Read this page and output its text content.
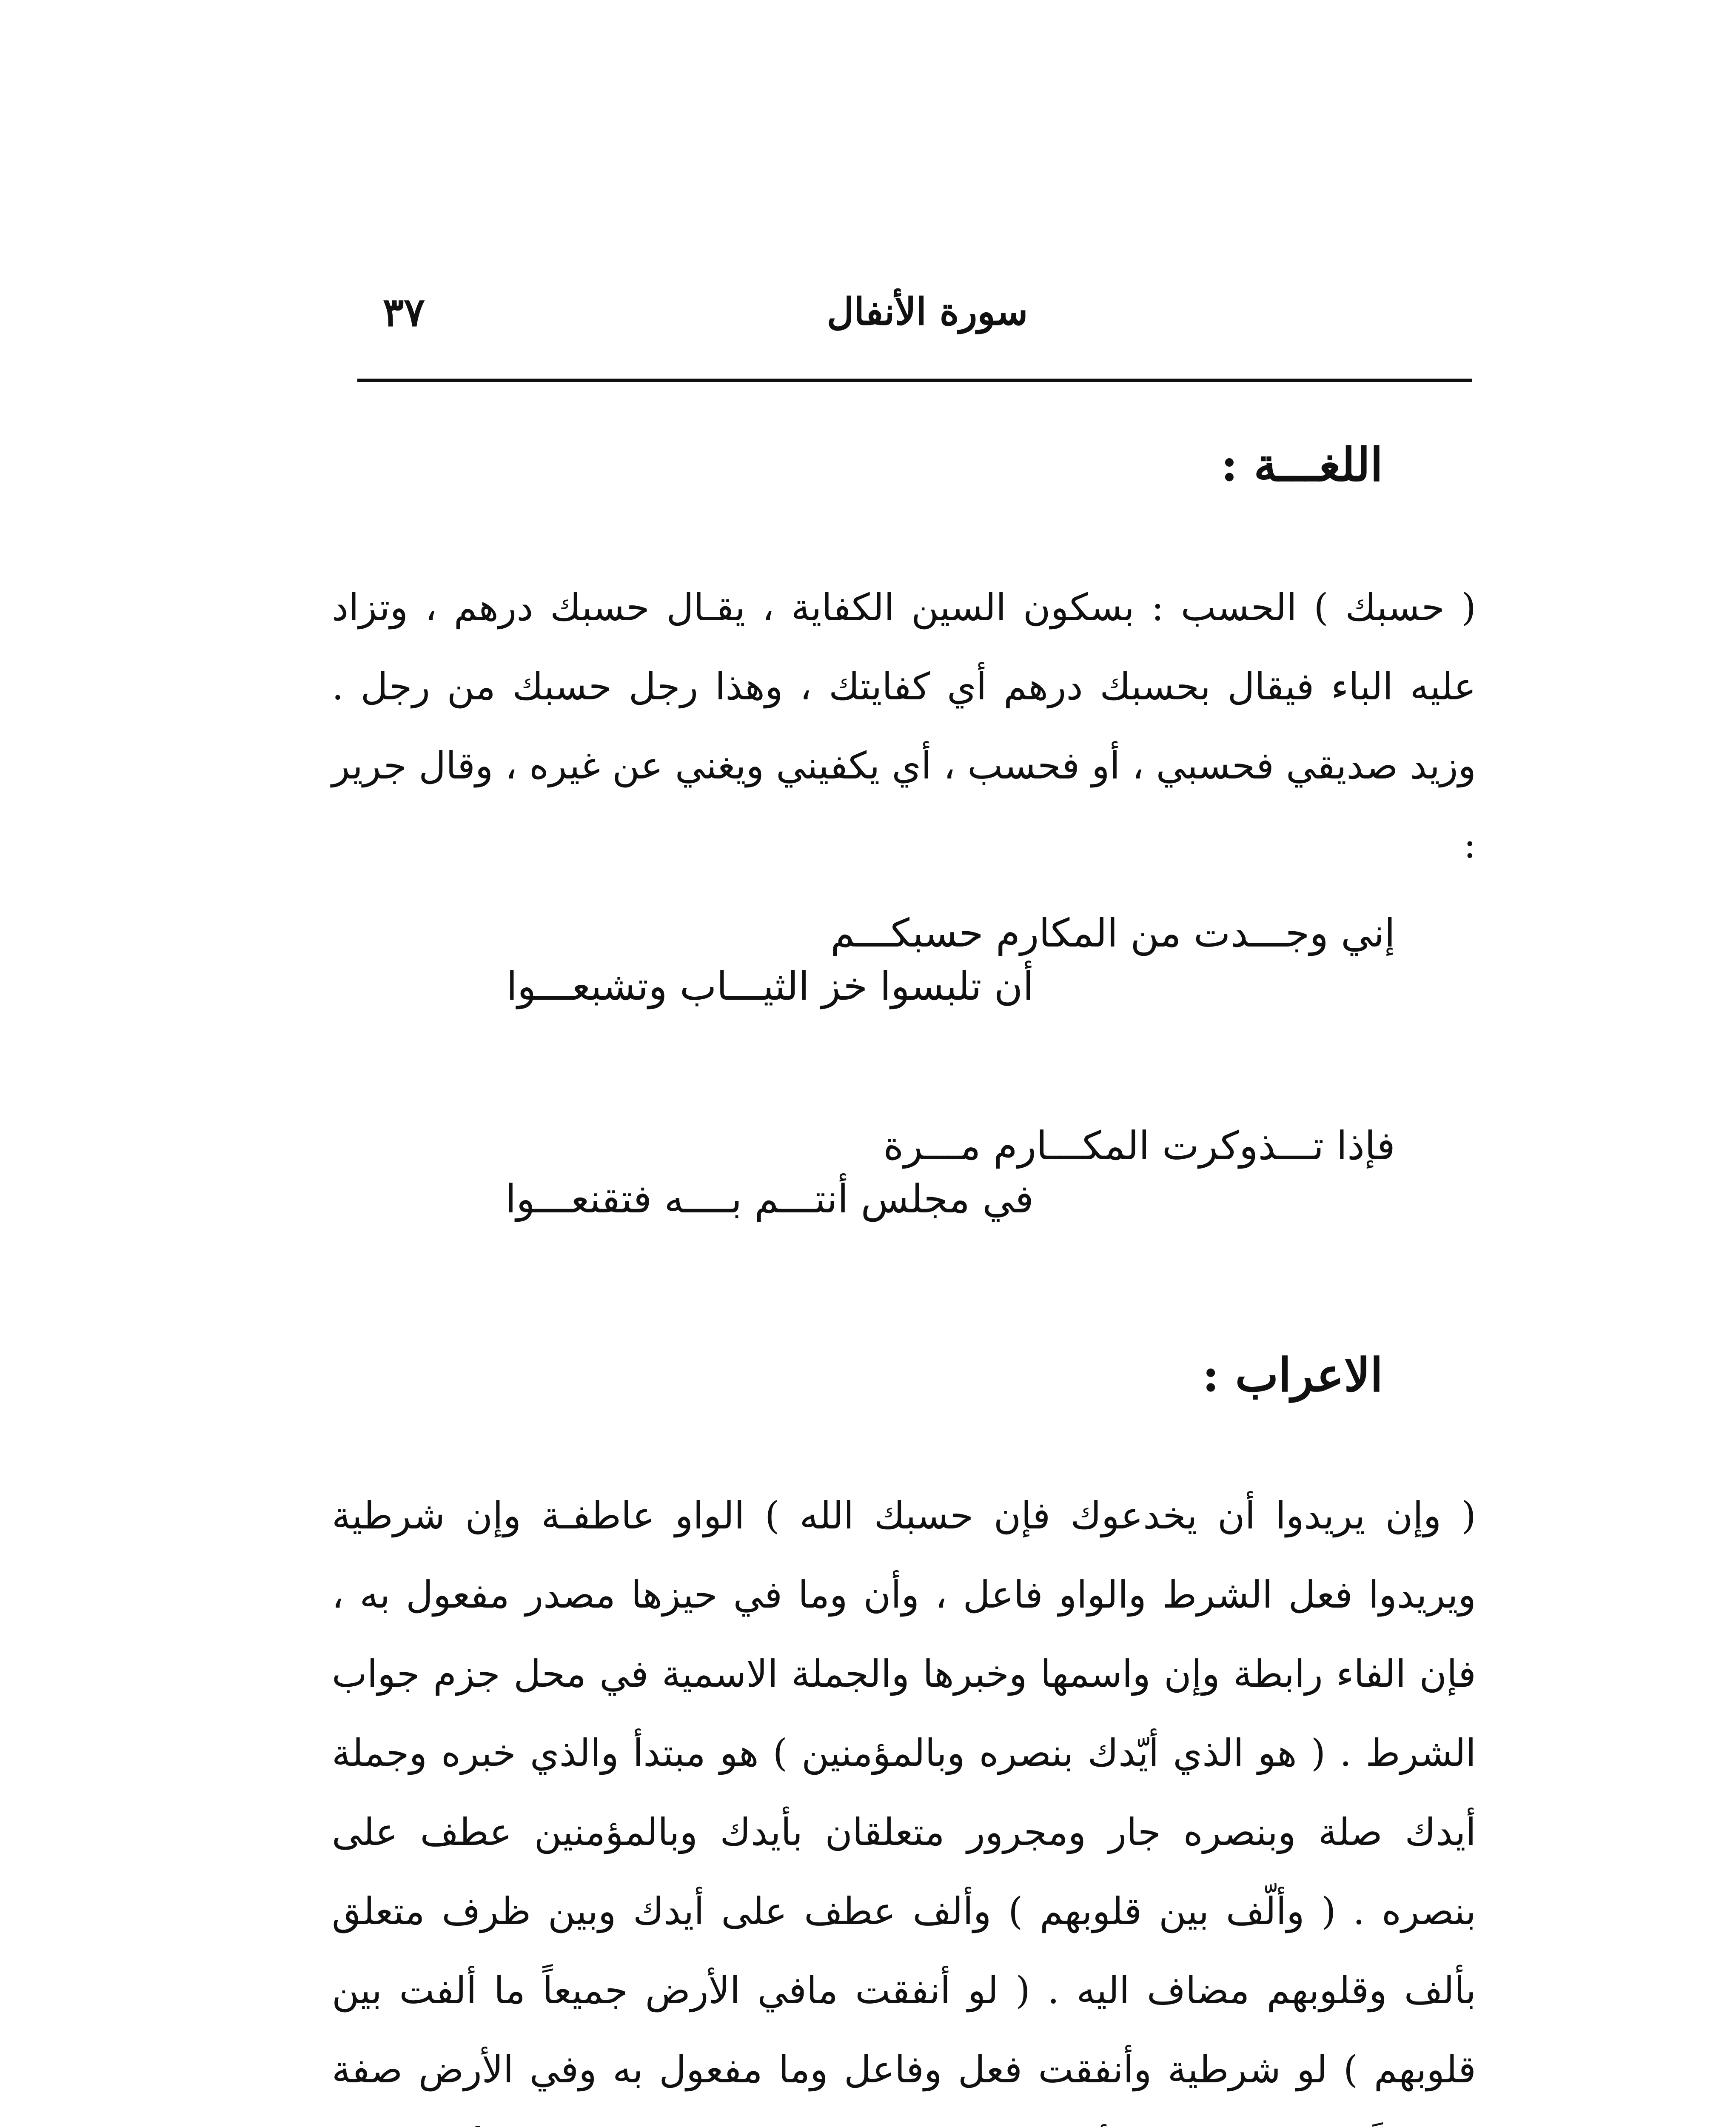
٣٧	سورة الأنفال
اللغـــة :
( حسبك ) الحسب : بسكون السين الكفاية ، يقـال حسبك درهم ، وتزاد عليه الباء فيقال بحسبك درهم أي كفايتك ، وهذا رجل حسبك من رجل . وزيد صديقي فحسبي ، أو فحسب ، أي يكفيني ويغني عن غيره ، وقال جرير :
إني وجـــدت من المكارم حسبكـــم
أن تلبسوا خز الثيـــاب وتشبعـــوا
فإذا تـــذوكرت المكـــارم مـــرة
في مجلس أنتـــم بــــه فتقنعـــوا
الاعراب :
( وإن يريدوا أن يخدعوك فإن حسبك الله ) الواو عاطفـة وإن شرطية ويريدوا فعل الشرط والواو فاعل ، وأن وما في حيزها مصدر مفعول به ، فإن الفاء رابطة وإن واسمها وخبرها والجملة الاسمية في محل جزم جواب الشرط . ( هو الذي أيّدك بنصره وبالمؤمنين ) هو مبتدأ والذي خبره وجملة أيدك صلة وبنصره جار ومجرور متعلقان بأيدك وبالمؤمنين عطف على بنصره . ( وألّف بين قلوبهم ) وألف عطف على أيدك وبين ظرف متعلق بألف وقلوبهم مضاف اليه . ( لو أنفقت مافي الأرض جميعاً ما ألفت بين قلوبهم ) لو شرطية وأنفقت فعل وفاعل وما مفعول به وفي الأرض صفة
